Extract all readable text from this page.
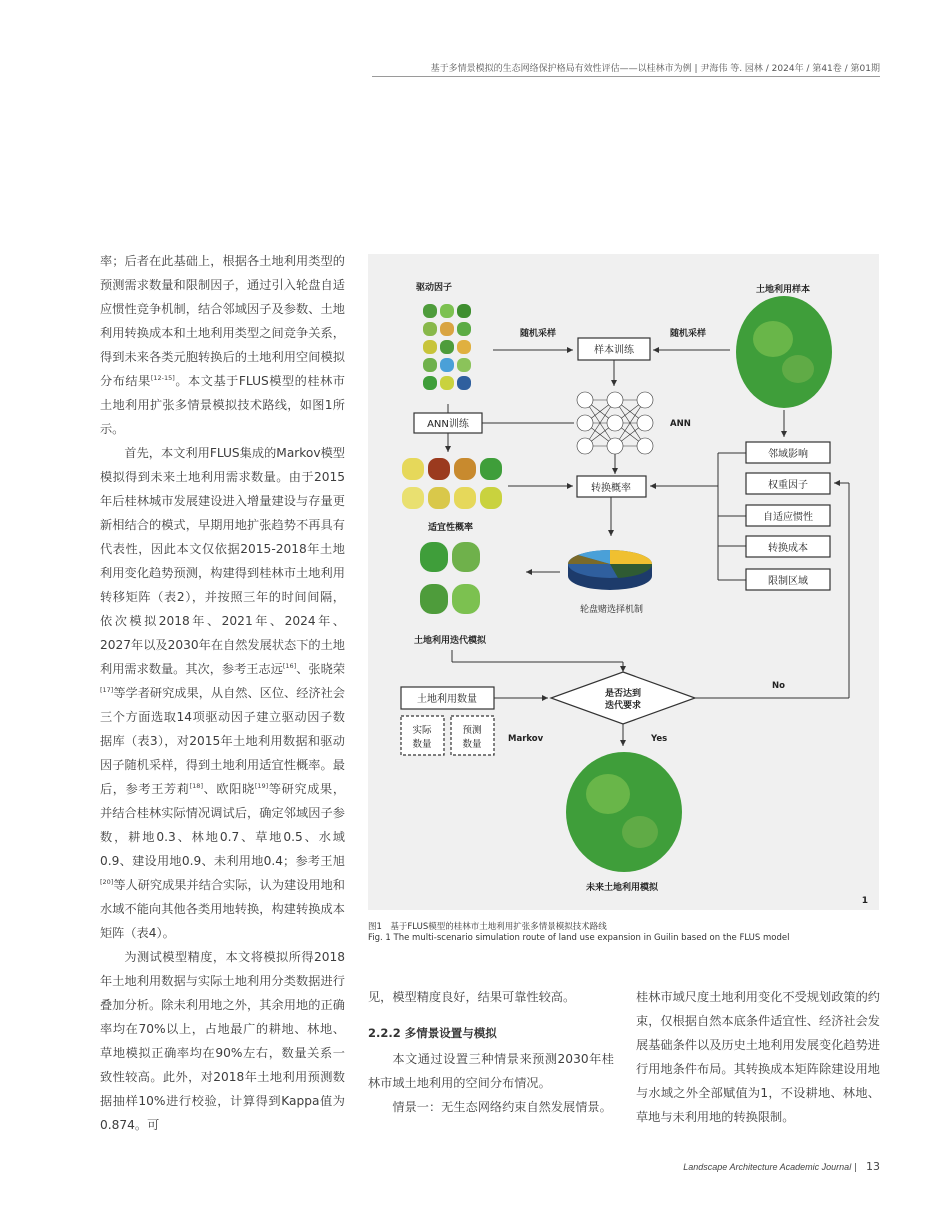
基于多情景模拟的生态网络保护格局有效性评估——以桂林市为例 | 尹海伟 等. 园林 / 2024年 / 第41卷 / 第01期

率；后者在此基础上，根据各土地利用类型的预测需求数量和限制因子，通过引入轮盘自适应惯性竞争机制，结合邻域因子及参数、土地利用转换成本和土地利用类型之间竞争关系，得到未来各类元胞转换后的土地利用空间模拟分布结果[12-15]。本文基于FLUS模型的桂林市土地利用扩张多情景模拟技术路线，如图1所示。

首先，本文利用FLUS集成的Markov模型模拟得到未来土地利用需求数量。由于2015年后桂林城市发展建设进入增量建设与存量更新相结合的模式，早期用地扩张趋势不再具有代表性，因此本文仅依据2015-2018年土地利用变化趋势预测，构建得到桂林市土地利用转移矩阵（表2），并按照三年的时间间隔，依次模拟2018年、2021年、2024年、2027年以及2030年在自然发展状态下的土地利用需求数量。其次，参考王志远[16]、张晓荣[17]等学者研究成果，从自然、区位、经济社会三个方面选取14项驱动因子建立驱动因子数据库（表3），对2015年土地利用数据和驱动因子随机采样，得到土地利用适宜性概率。最后，参考王芳莉[18]、欧阳晓[19]等研究成果，并结合桂林实际情况调试后，确定邻域因子参数，耕地0.3、林地0.7、草地0.5、水域0.9、建设用地0.9、未利用地0.4；参考王旭[20]等人研究成果并结合实际，认为建设用地和水域不能向其他各类用地转换，构建转换成本矩阵（表4）。

为测试模型精度，本文将模拟所得2018年土地利用数据与实际土地利用分类数据进行叠加分析。除未利用地之外，其余用地的正确率均在70%以上，占地最广的耕地、林地、草地模拟正确率均在90%左右，数量关系一致性较高。此外，对2018年土地利用预测数据抽样10%进行校验，计算得到Kappa值为0.874。可

见，模型精度良好，结果可靠性较高。

2.2.2 多情景设置与模拟

本文通过设置三种情景来预测2030年桂林市域土地利用的空间分布情况。

情景一：无生态网络约束自然发展情景。

桂林市域尺度土地利用变化不受规划政策的约束，仅根据自然本底条件适宜性、经济社会发展基础条件以及历史土地利用发展变化趋势进行用地条件布局。其转换成本矩阵除建设用地与水域之外全部赋值为1，不设耕地、林地、草地与未利用地的转换限制。

驱动因子	土地利用样本
随机采样	随机采样
样本训练
ANN训练	ANN
适宜性概率
转换概率
轮盘赌选择机制
土地利用迭代模拟
邻域影响
权重因子
自适应惯性
转换成本
限制区域
No
是否达到
迭代要求
土地利用数量
实际
数量
预测
数量	Markov	Yes
未来土地利用模拟
1
图1　基于FLUS模型的桂林市土地利用扩张多情景模拟技术路线
Fig. 1 The multi-scenario simulation route of land use expansion in Guilin based on the FLUS model
Landscape Architecture Academic Journal | 13
